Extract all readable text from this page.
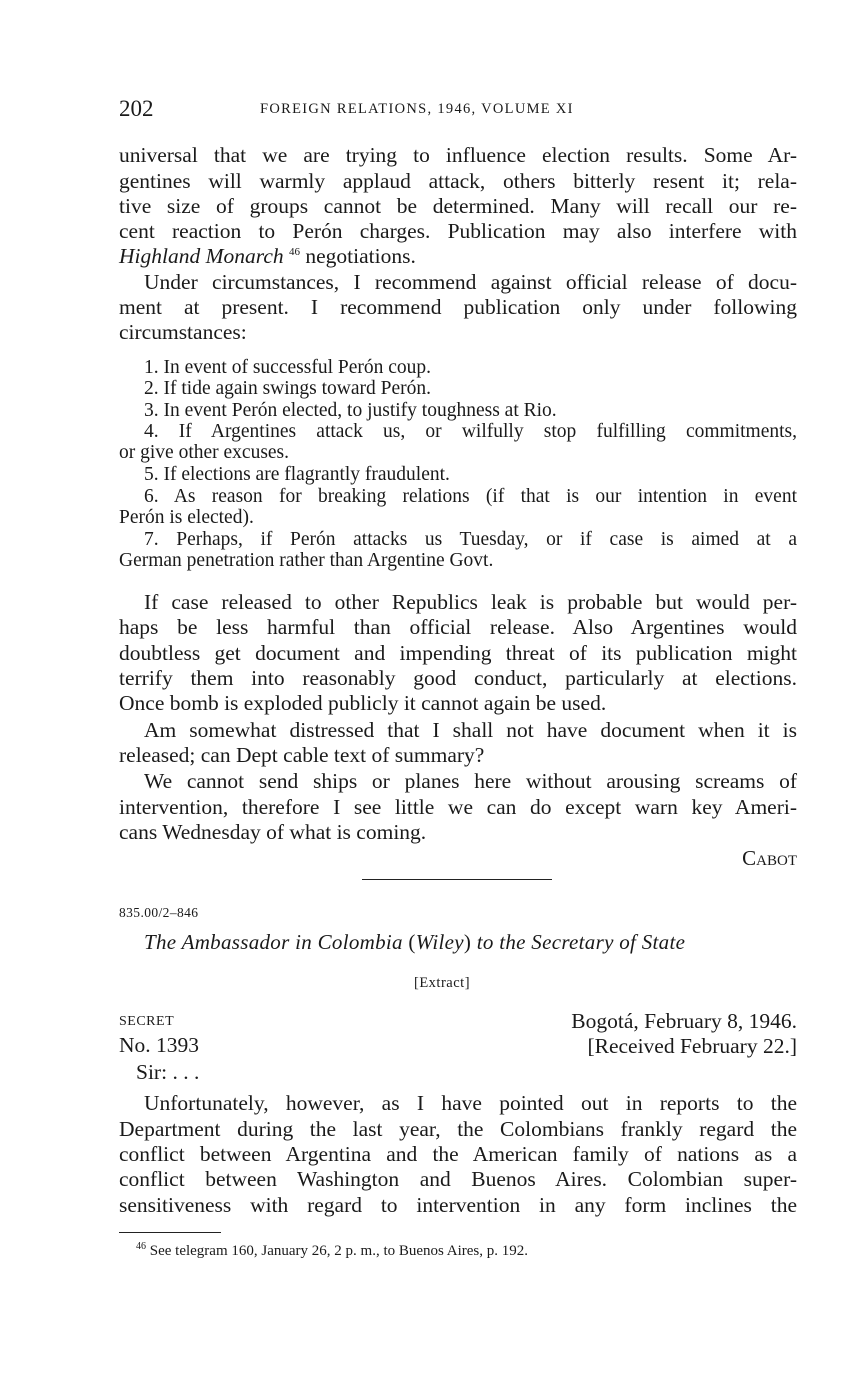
202	FOREIGN RELATIONS, 1946, VOLUME XI
universal that we are trying to influence election results. Some Ar-
gentines will warmly applaud attack, others bitterly resent it; rela-
tive size of groups cannot be determined. Many will recall our re-
cent reaction to Perón charges. Publication may also interfere with
Highland Monarch $^{46}$ negotiations.
Under circumstances, I recommend against official release of docu-
ment at present. I recommend publication only under following
circumstances:
1. In event of successful Perón coup.
2. If tide again swings toward Perón.
3. In event Perón elected, to justify toughness at Rio.
4. If Argentines attack us, or wilfully stop fulfilling commitments,
or give other excuses.
5. If elections are flagrantly fraudulent.
6. As reason for breaking relations (if that is our intention in event
Perón is elected).
7. Perhaps, if Perón attacks us Tuesday, or if case is aimed at a
German penetration rather than Argentine Govt.
If case released to other Republics leak is probable but would per-
haps be less harmful than official release. Also Argentines would
doubtless get document and impending threat of its publication might
terrify them into reasonably good conduct, particularly at elections.
Once bomb is exploded publicly it cannot again be used.
Am somewhat distressed that I shall not have document when it is
released; can Dept cable text of summary?
We cannot send ships or planes here without arousing screams of
intervention, therefore I see little we can do except warn key Ameri-
cans Wednesday of what is coming.
Cabot
835.00/2–846
The Ambassador in Colombia (Wiley) to the Secretary of State
[Extract]
SECRET
No. 1393
Bogotá, February 8, 1946.
[Received February 22.]
Sir: . . .
Unfortunately, however, as I have pointed out in reports to the
Department during the last year, the Colombians frankly regard the
conflict between Argentina and the American family of nations as a
conflict between Washington and Buenos Aires. Colombian super-
sensitiveness with regard to intervention in any form inclines the
$^{46}$ See telegram 160, January 26, 2 p. m., to Buenos Aires, p. 192.
